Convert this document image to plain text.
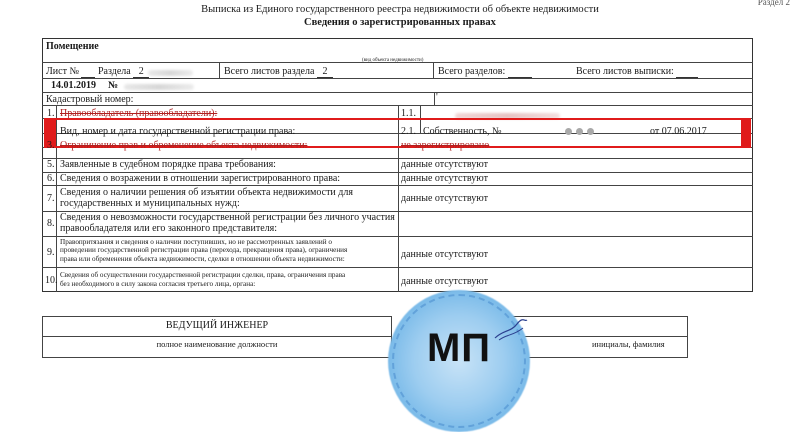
Раздел 2
Выписка из Единого государственного реестра недвижимости об объекте недвижимости
Сведения о зарегистрированных правах
Помещение
(вид объекта недвижимости)
Лист № Раздела 2	Всего листов раздела 2	Всего разделов:	Всего листов выписки:
14.01.2019 №
Кадастровый номер:	'
1. Правообладатель (правообладатели):	1.1.
Вид, номер и дата государственной регистрации права:	2.1. Собственность, №	от 07.06.2017
3. Ограничение прав и обременение объекта недвижимости:	не зарегистрировано
5. Заявленные в судебном порядке права требования:	данные отсутствуют
6. Сведения о возражении в отношении зарегистрированного права:	данные отсутствуют
7.
Сведения о наличии решения об изъятии объекта недвижимости для
государственных и муниципальных нужд:	данные отсутствуют
8.
Сведения о невозможности государственной регистрации без личного участия
правообладателя или его законного представителя:
9.
Правопритязания и сведения о наличии поступивших, но не рассмотренных заявлений о
проведении государственной регистрации права (перехода, прекращения права), ограничения
права или обременения объекта недвижимости, сделки в отношении объекта недвижимости:	данные отсутствуют
10. Сведения об осуществлении государственной регистрации сделки, права, ограничения права
без необходимого в силу закона согласия третьего лица, органа:	данные отсутствуют
ВЕДУЩИЙ ИНЖЕНЕР
полное наименование должности	инициалы, фамилия
МП
